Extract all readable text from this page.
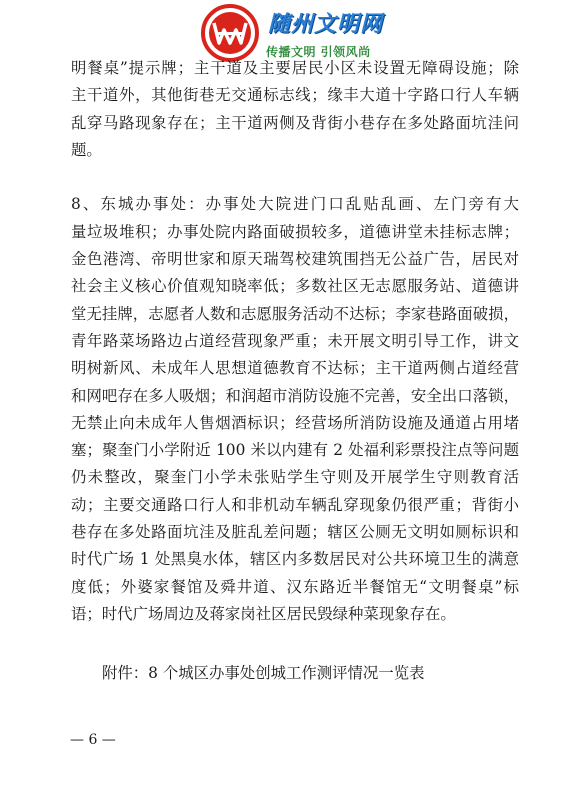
随州文明网
传播文明 引领风尚
明餐桌”提示牌；主干道及主要居民小区未设置无障碍设施；除
主干道外，其他街巷无交通标志线；缘丰大道十字路口行人车辆
乱穿马路现象存在；主干道两侧及背街小巷存在多处路面坑洼问
题。
8、东城办事处：办事处大院进门口乱贴乱画、左门旁有大
量垃圾堆积；办事处院内路面破损较多，道德讲堂未挂标志牌；
金色港湾、帝明世家和原天瑞驾校建筑围挡无公益广告，居民对
社会主义核心价值观知晓率低；多数社区无志愿服务站、道德讲
堂无挂牌，志愿者人数和志愿服务活动不达标；李家巷路面破损，
青年路菜场路边占道经营现象严重；未开展文明引导工作，讲文
明树新风、未成年人思想道德教育不达标；主干道两侧占道经营
和网吧存在多人吸烟；和润超市消防设施不完善，安全出口落锁，
无禁止向未成年人售烟酒标识；经营场所消防设施及通道占用堵
塞；聚奎门小学附近 100 米以内建有 2 处福利彩票投注点等问题
仍未整改，聚奎门小学未张贴学生守则及开展学生守则教育活
动；主要交通路口行人和非机动车辆乱穿现象仍很严重；背街小
巷存在多处路面坑洼及脏乱差问题；辖区公厕无文明如厕标识和
时代广场 1 处黑臭水体，辖区内多数居民对公共环境卫生的满意
度低；外婆家餐馆及舜井道、汉东路近半餐馆无“文明餐桌”标
语；时代广场周边及蒋家岗社区居民毁绿种菜现象存在。
附件：8 个城区办事处创城工作测评情况一览表
— 6 —
